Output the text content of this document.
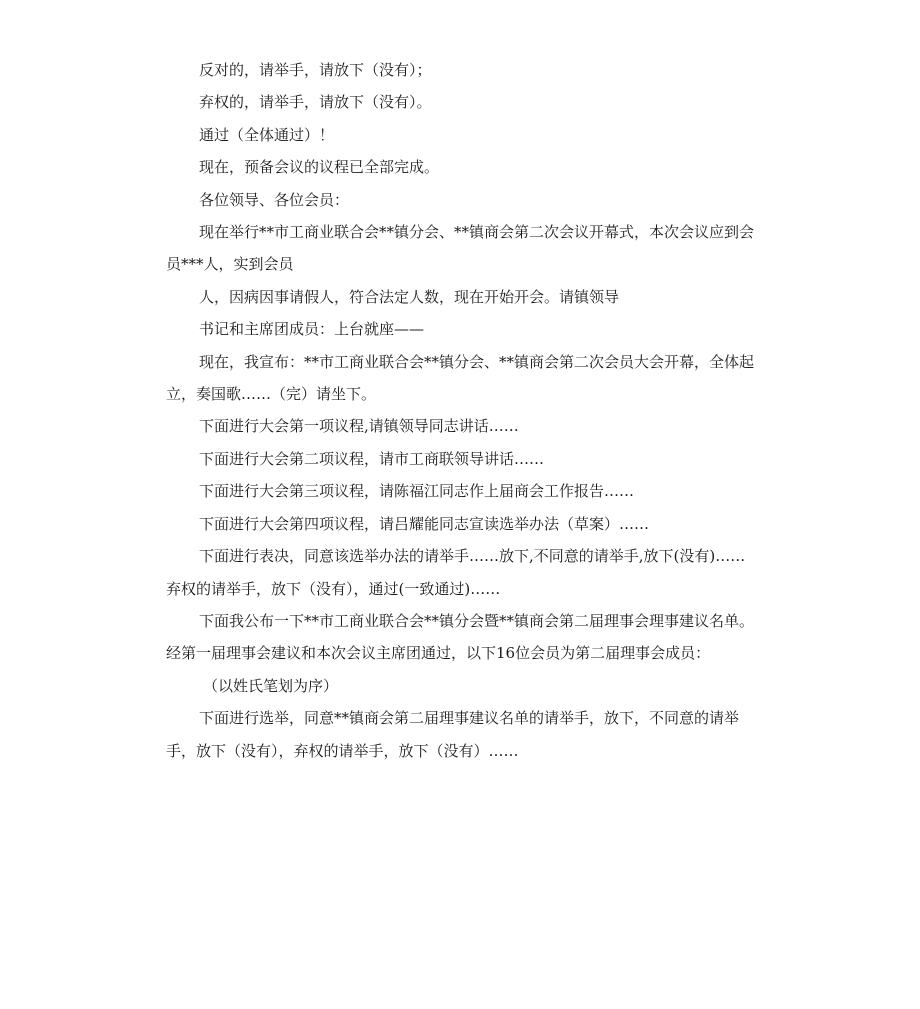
反对的，请举手，请放下（没有）；

弃权的，请举手，请放下（没有）。

通过（全体通过）！

现在，预备会议的议程已全部完成。

各位领导、各位会员：

现在举行**市工商业联合会**镇分会、**镇商会第二次会议开幕式，本次会议应到会员***人，实到会员

人，因病因事请假人，符合法定人数，现在开始开会。请镇领导

书记和主席团成员：上台就座——

现在，我宣布：**市工商业联合会**镇分会、**镇商会第二次会员大会开幕，全体起立，奏国歌……（完）请坐下。

下面进行大会第一项议程,请镇领导同志讲话……

下面进行大会第二项议程，请市工商联领导讲话……

下面进行大会第三项议程，请陈福江同志作上届商会工作报告……

下面进行大会第四项议程，请吕耀能同志宣读选举办法（草案）……

下面进行表决，同意该选举办法的请举手……放下,不同意的请举手,放下(没有)……弃权的请举手，放下（没有），通过(一致通过)……

下面我公布一下**市工商业联合会**镇分会暨**镇商会第二届理事会理事建议名单。经第一届理事会建议和本次会议主席团通过，以下16位会员为第二届理事会成员：

（以姓氏笔划为序）

下面进行选举，同意**镇商会第二届理事建议名单的请举手，放下，不同意的请举手，放下（没有），弃权的请举手，放下（没有）……
